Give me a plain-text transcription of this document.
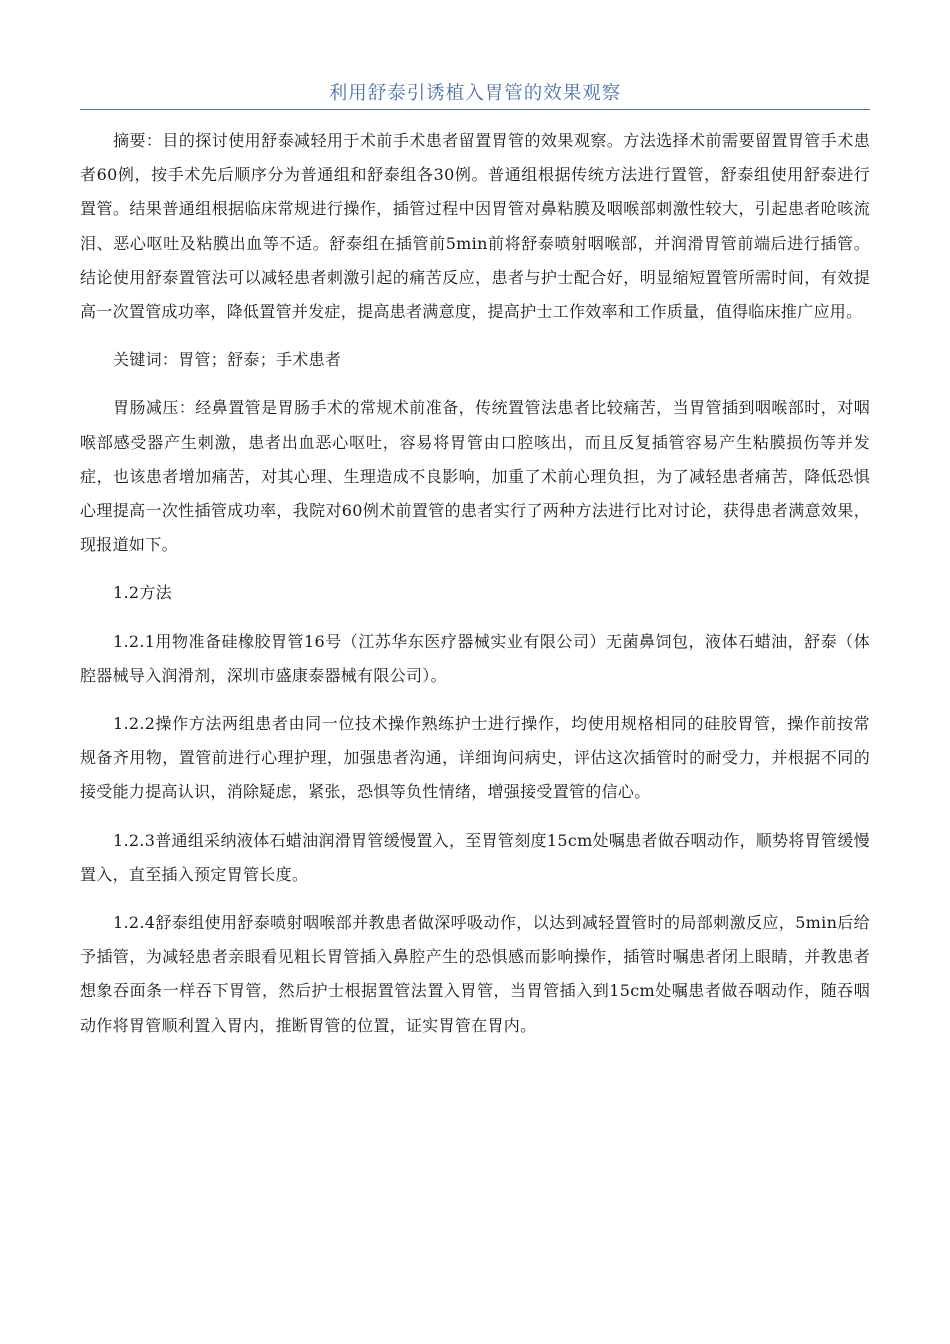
利用舒泰引诱植入胃管的效果观察

摘要：目的探讨使用舒泰减轻用于术前手术患者留置胃管的效果观察。方法选择术前需要留置胃管手术患者60例，按手术先后顺序分为普通组和舒泰组各30例。普通组根据传统方法进行置管，舒泰组使用舒泰进行置管。结果普通组根据临床常规进行操作，插管过程中因胃管对鼻粘膜及咽喉部刺激性较大，引起患者呛咳流泪、恶心呕吐及粘膜出血等不适。舒泰组在插管前5min前将舒泰喷射咽喉部，并润滑胃管前端后进行插管。结论使用舒泰置管法可以减轻患者刺激引起的痛苦反应，患者与护士配合好，明显缩短置管所需时间，有效提高一次置管成功率，降低置管并发症，提高患者满意度，提高护士工作效率和工作质量，值得临床推广应用。

关键词：胃管；舒泰；手术患者

胃肠减压：经鼻置管是胃肠手术的常规术前准备，传统置管法患者比较痛苦，当胃管插到咽喉部时，对咽喉部感受器产生刺激，患者出血恶心呕吐，容易将胃管由口腔咳出，而且反复插管容易产生粘膜损伤等并发症，也该患者增加痛苦，对其心理、生理造成不良影响，加重了术前心理负担，为了减轻患者痛苦，降低恐惧心理提高一次性插管成功率，我院对60例术前置管的患者实行了两种方法进行比对讨论，获得患者满意效果，现报道如下。

1.2方法

1.2.1用物准备硅橡胶胃管16号（江苏华东医疗器械实业有限公司）无菌鼻饲包，液体石蜡油，舒泰（体腔器械导入润滑剂，深圳市盛康泰器械有限公司）。

1.2.2操作方法两组患者由同一位技术操作熟练护士进行操作，均使用规格相同的硅胶胃管，操作前按常规备齐用物，置管前进行心理护理，加强患者沟通，详细询问病史，评估这次插管时的耐受力，并根据不同的接受能力提高认识，消除疑虑，紧张，恐惧等负性情绪，增强接受置管的信心。

1.2.3普通组采纳液体石蜡油润滑胃管缓慢置入，至胃管刻度15cm处嘱患者做吞咽动作，顺势将胃管缓慢置入，直至插入预定胃管长度。

1.2.4舒泰组使用舒泰喷射咽喉部并教患者做深呼吸动作，以达到减轻置管时的局部刺激反应，5min后给予插管，为减轻患者亲眼看见粗长胃管插入鼻腔产生的恐惧感而影响操作，插管时嘱患者闭上眼睛，并教患者想象吞面条一样吞下胃管，然后护士根据置管法置入胃管，当胃管插入到15cm处嘱患者做吞咽动作，随吞咽动作将胃管顺利置入胃内，推断胃管的位置，证实胃管在胃内。
